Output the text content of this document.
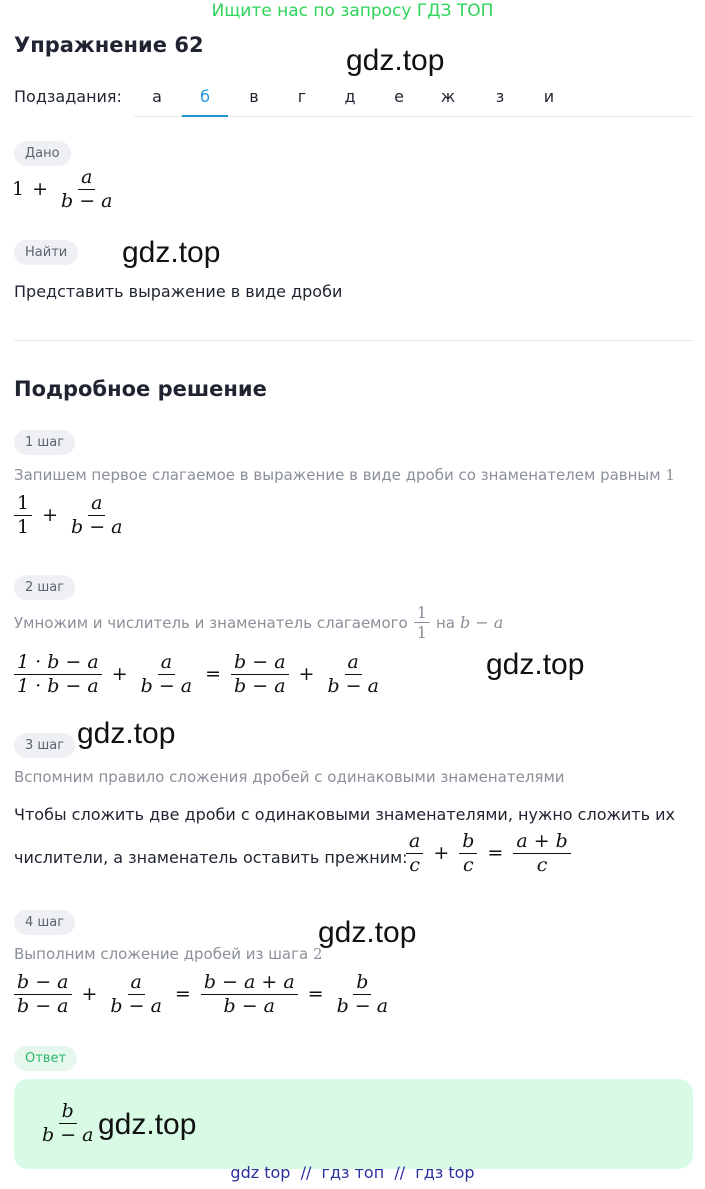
Ищите нас по запросу ГДЗ ТОП
Упражнение 62	gdz.top
Подзадания:	а	б	в	г	д	е	ж	з	и
Дано
$1 + \frac{a}{b - a}$
Найти	gdz.top
Представить выражение в виде дроби
Подробное решение
1 шаг
Запишем первое слагаемое в выражение в виде дроби со знаменателем равным 1
$\frac{1}{1} + \frac{a}{b - a}$
2 шаг
Умножим и числитель и знаменатель слагаемого $\frac{1}{1}$ на b − a
$\frac{1 \cdot b - a}{1 \cdot b - a} + \frac{a}{b - a} = \frac{b - a}{b - a} + \frac{a}{b - a}$	gdz.top
3 шаг gdz.top
Вспомним правило сложения дробей с одинаковыми знаменателями
Чтобы сложить две дроби с одинаковыми знаменателями, нужно сложить их
числители, а знаменатель оставить прежним:
$\frac{a}{c} + \frac{b}{c} = \frac{a + b}{c}$
4 шаг	gdz.top
Выполним сложение дробей из шага 2
$\frac{b - a}{b - a} + \frac{a}{b - a} = \frac{b - a + a}{b - a} = \frac{b}{b - a}$
Ответ
$\frac{b}{b - a} gdz.top$
gdz top  //  гдз топ  //  гдз top
